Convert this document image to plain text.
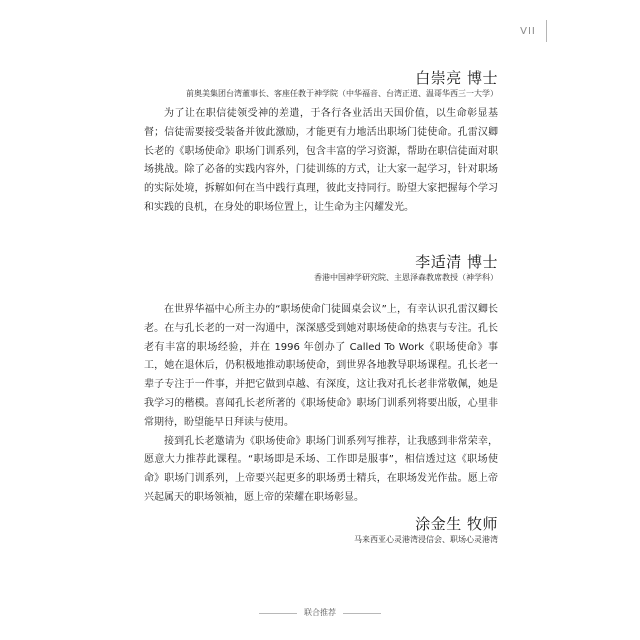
VII
白崇亮 博士
前奥美集团台湾董事长、客座任教于神学院（中华福音、台湾正道、温哥华西三一大学）

为了让在职信徒领受神的差遣，于各行各业活出天国价值，以生命彰显基督；信徒需要接受装备并彼此激励，才能更有力地活出职场门徒使命。孔雷汉卿长老的《职场使命》职场门训系列，包含丰富的学习资源，帮助在职信徒面对职场挑战。除了必备的实践内容外，门徒训练的方式，让大家一起学习，针对职场的实际处境，拆解如何在当中践行真理，彼此支持同行。盼望大家把握每个学习和实践的良机，在身处的职场位置上，让生命为主闪耀发光。

李适清 博士
香港中国神学研究院、主恩泽森教席教授（神学科）

在世界华福中心所主办的“职场使命门徒圆桌会议”上，有幸认识孔雷汉卿长老。在与孔长老的一对一沟通中，深深感受到她对职场使命的热衷与专注。孔长老有丰富的职场经验，并在 1996 年创办了 Called To Work《职场使命》事工，她在退休后，仍积极地推动职场使命，到世界各地教导职场课程。孔长老一辈子专注于一件事，并把它做到卓越、有深度，这让我对孔长老非常敬佩，她是我学习的楷模。喜闻孔长老所著的《职场使命》职场门训系列将要出版，心里非常期待，盼望能早日拜读与使用。

接到孔长老邀请为《职场使命》职场门训系列写推荐，让我感到非常荣幸，愿意大力推荐此课程。“职场即是禾场、工作即是服事”，相信透过这《职场使命》职场门训系列，上帝要兴起更多的职场勇士精兵，在职场发光作盐。愿上帝兴起属天的职场领袖，愿上帝的荣耀在职场彰显。

涂金生 牧师
马来西亚心灵港湾浸信会、职场心灵港湾
联合推荐
